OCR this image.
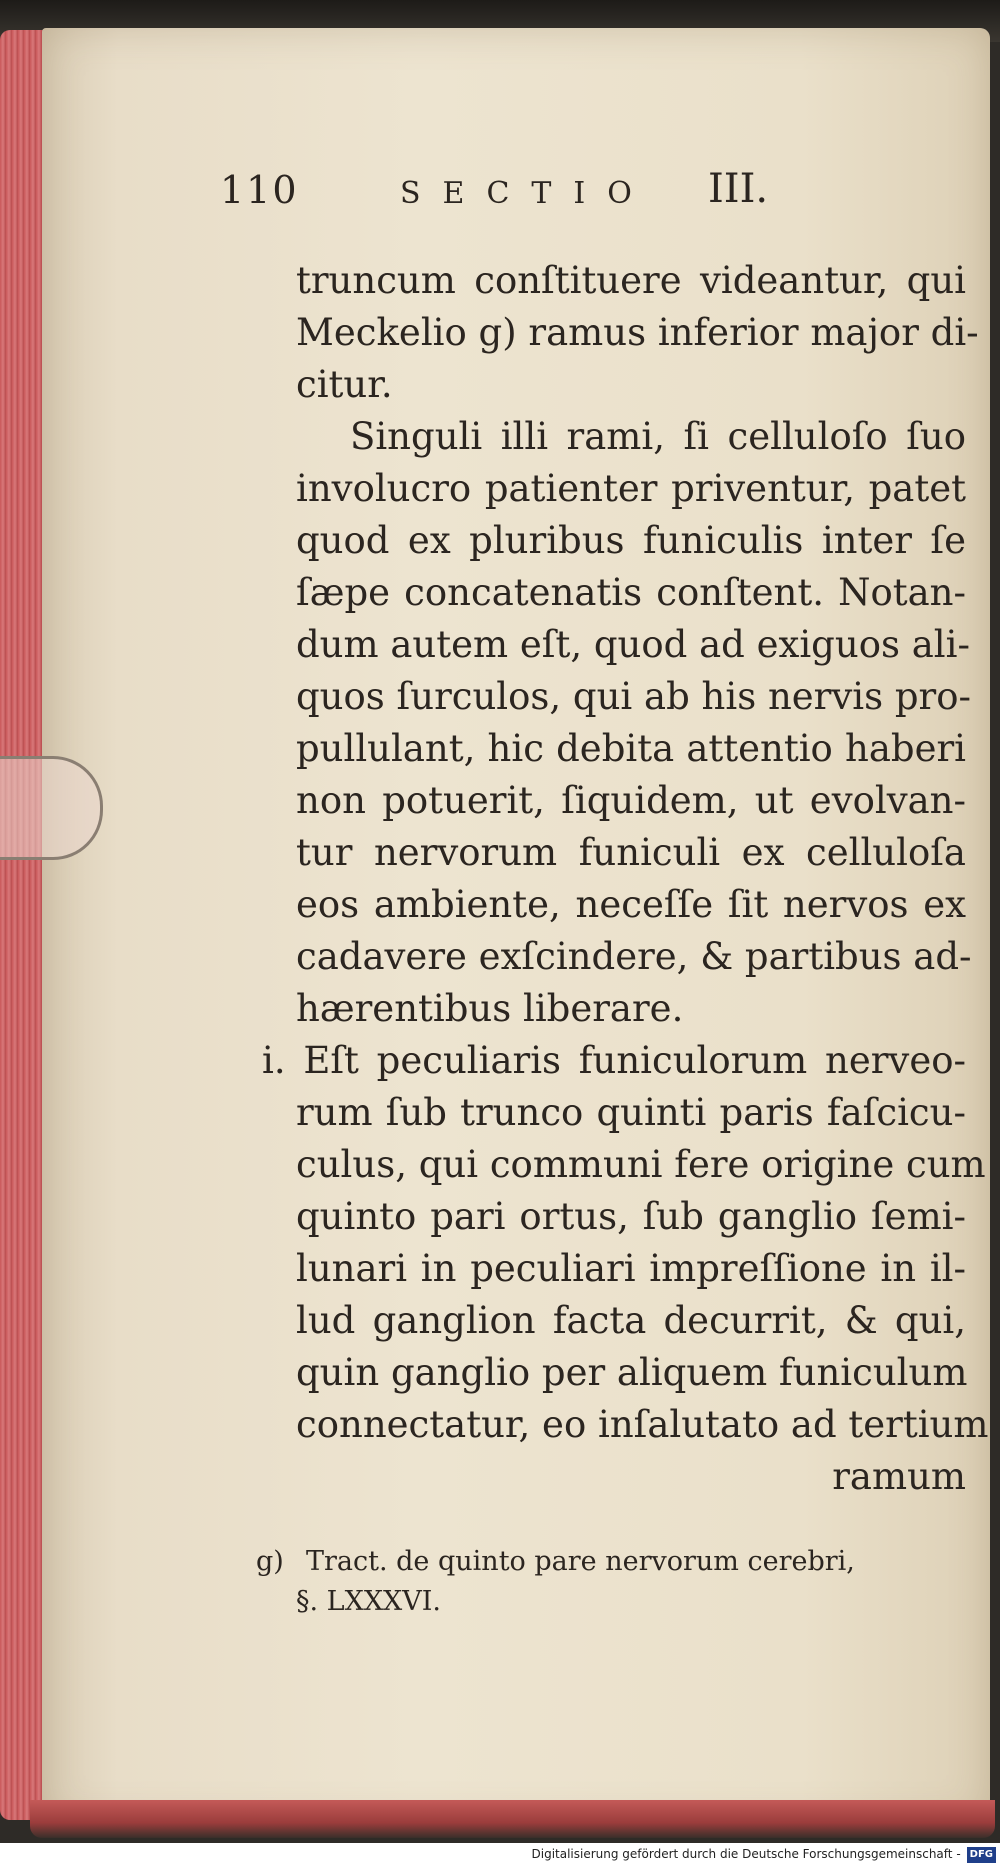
110	SECTIO III.
truncum conſtituere videantur, qui
Meckelio g) ramus inferior major di-
citur.
Singuli illi rami, ſi celluloſo ſuo
involucro patienter priventur, patet
quod ex pluribus funiculis inter ſe
ſæpe concatenatis conſtent. Notan-
dum autem eſt, quod ad exiguos ali-
quos ſurculos, qui ab his nervis pro-
pullulant, hic debita attentio haberi
non potuerit, ſiquidem, ut evolvan-
tur nervorum funiculi ex celluloſa
eos ambiente, neceſſe ſit nervos ex
cadavere exſcindere, & partibus ad-
hærentibus liberare.
i. Eſt peculiaris funiculorum nerveo-
rum ſub trunco quinti paris faſcicu-
culus, qui communi fere origine cum
quinto pari ortus, ſub ganglio ſemi-
lunari in peculiari impreſſione in il-
lud ganglion facta decurrit, & qui,
quin ganglio per aliquem funiculum
connectatur, eo inſalutato ad tertium
ramum
g) Tract. de quinto pare nervorum cerebri,
§. LXXXVI.
Digitalisierung gefördert durch die Deutsche Forschungsgemeinschaft - DFG
